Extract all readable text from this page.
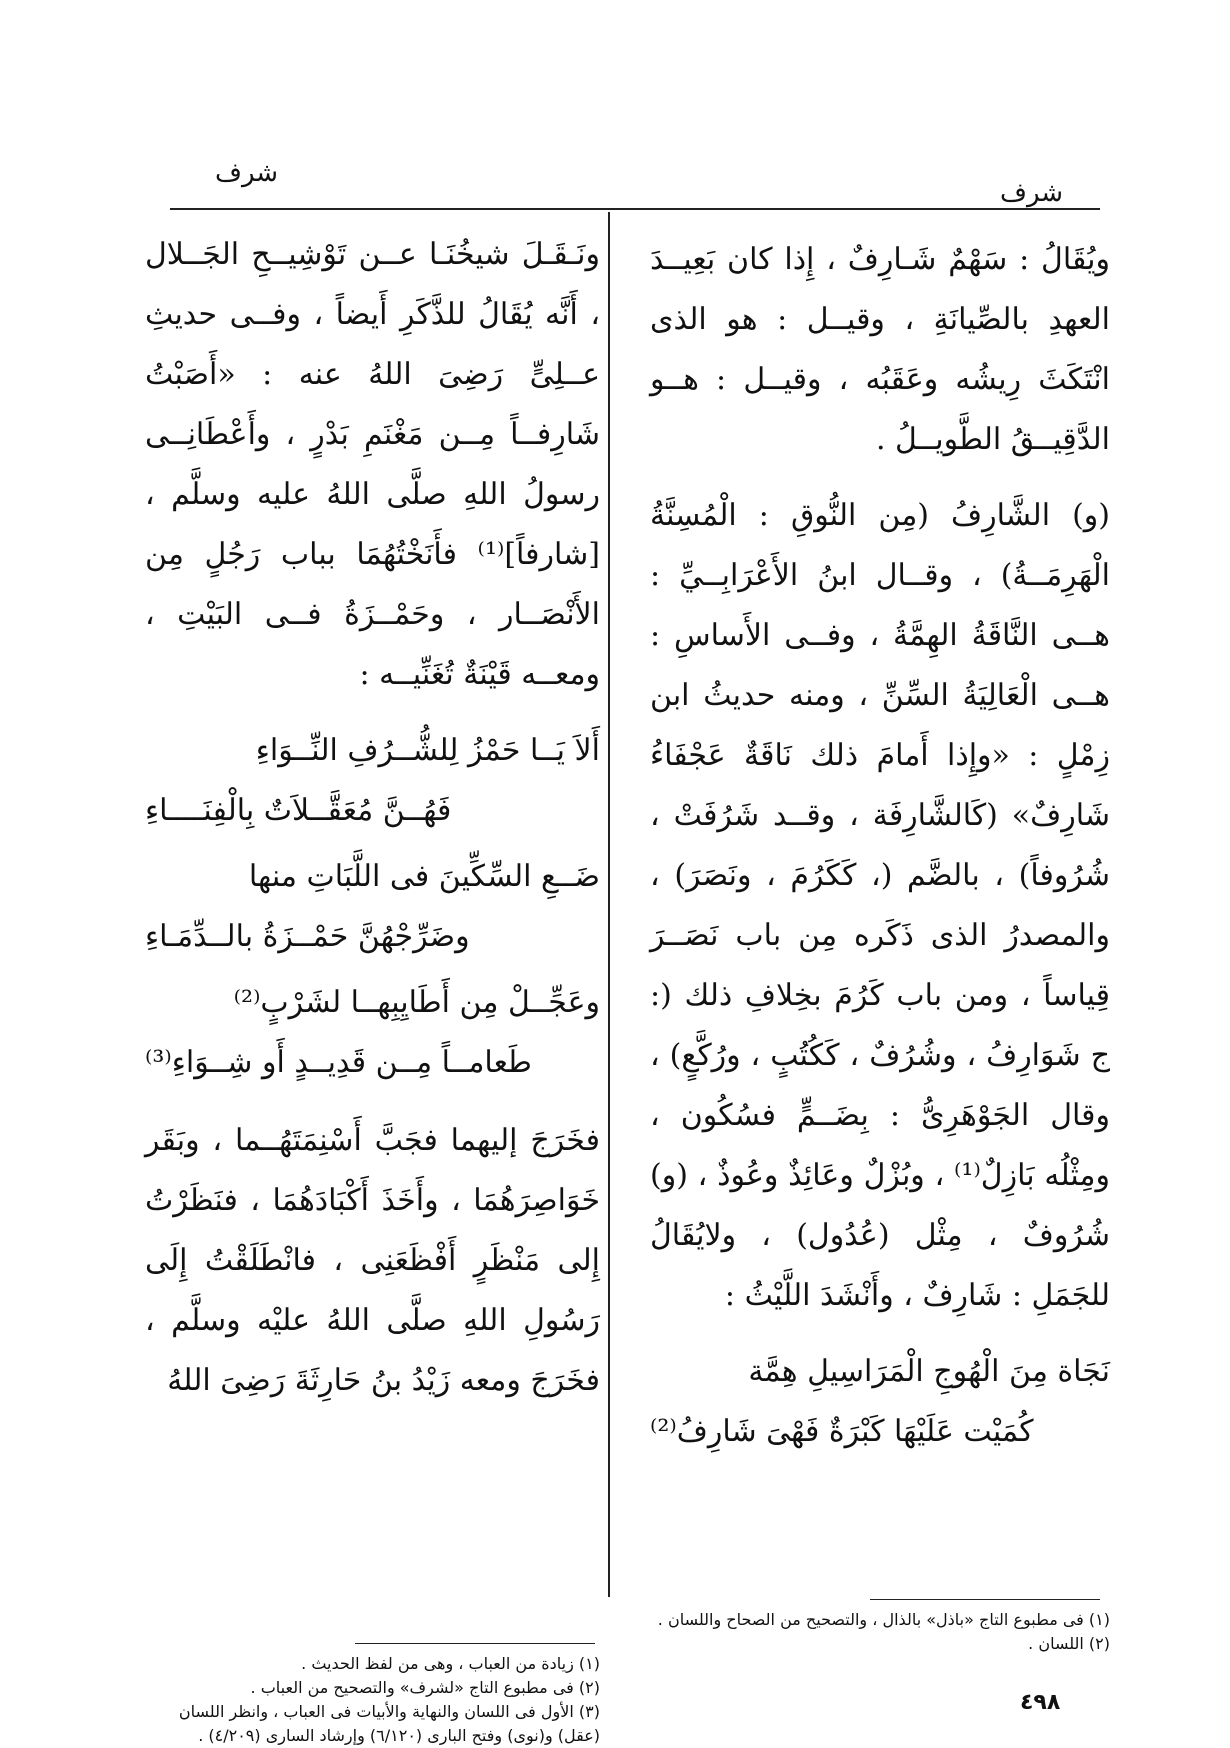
شرف
شرف

ويُقَالُ : سَهْمٌ شَـارِفٌ ، إِذا كان بَعِيــدَ العهدِ بالصِّيانَةِ ، وقيــل : هو الذى انْتَكَثَ رِيشُه وعَقَبُه ، وقيــل : هــو الدَّقِيــقُ الطَّويــلُ .

(و) الشَّارِفُ (مِن النُّوقِ : الْمُسِنَّةُ الْهَرِمَــةُ) ، وقــال ابنُ الأَعْرَابِــيِّ : هــى النَّاقَةُ الهِمَّةُ ، وفــى الأَساسِ : هــى الْعَالِيَةُ السِّنِّ ، ومنه حديثُ ابن زِمْلٍ : «وإِذا أَمامَ ذلك نَاقَةٌ عَجْفَاءُ شَارِفٌ» (كَالشَّارِفَة ، وقــد شَرُفَتْ ، شُرُوفاً) ، بالضَّم (، كَكَرُمَ ، ونَصَرَ) ، والمصدرُ الذى ذَكَره مِن باب نَصَــرَ قِياساً ، ومن باب كَرُمَ بخِلافِ ذلك (: ج شَوَارِفُ ، وشُرُفٌ ، كَكُتُبٍ ، ورُكَّعٍ) ، وقال الجَوْهَرِىُّ : بِضَــمٍّ فسُكُون ، ومِثْلُه بَازِلٌ⁽¹⁾ ، وبُزْلٌ وعَائِذٌ وعُوذٌ ، (و) شُرُوفٌ ، مِثْل (عُدُول) ، ولايُقَالُ للجَمَلِ : شَارِفٌ ، وأَنْشَدَ اللَّيْثُ :

نَجَاة مِنَ الْهُوجِ الْمَرَاسِيلِ هِمَّة
كُمَيْت عَلَيْهَا كَبْرَةٌ فَهْىَ شَارِفُ⁽²⁾

ونَـقَـلَ شيخُنَـا عــن تَوْشِيــحِ الجَــلال ، أَنَّه يُقَالُ للذَّكَرِ أَيضاً ، وفــى حديثِ عــلِىٍّ رَضِىَ اللهُ عنه : «أَصَبْتُ شَارِفــاً مِــن مَغْنَمِ بَدْرٍ ، وأَعْطَانِــى رسولُ اللهِ صلَّى اللهُ عليه وسلَّم ، [شارفاً]⁽¹⁾ فأَنَخْتُهُمَا بباب رَجُلٍ مِن الأَنْصَــار ، وحَمْــزَةُ فــى البَيْتِ ، ومعــه قَيْنَةٌ تُغَنِّيــه :

أَلاَ يَــا حَمْزُ لِلشُّــرُفِ النِّــوَاءِ
فَهُــنَّ مُعَقَّــلاَتٌ بِالْفِنَــــاءِ
ضَــعِ السِّكِّينَ فى اللَّبَاتِ منها
وضَرِّجْهُنَّ حَمْــزَةُ بالــدِّمَـاءِ
وعَجِّــلْ مِن أَطَايِبِهــا لشَرْبٍ⁽²⁾
طَعامــاً مِــن قَدِيــدٍ أَو شِــوَاءِ⁽³⁾

فخَرَجَ إليهما فجَبَّ أَسْنِمَتَهُــما ، وبَقَر خَوَاصِرَهُمَا ، وأَخَذَ أَكْبَادَهُمَا ، فنَظَرْتُ إِلى مَنْظَرٍ أَفْظَعَنِى ، فانْطَلَقْتُ إِلَى رَسُولِ اللهِ صلَّى اللهُ عليْه وسلَّم ، فخَرَجَ ومعه زَيْدُ بنُ حَارِثَةَ رَضِىَ اللهُ

(١) فى مطبوع التاج «باذل» بالذال ، والتصحيح من الصحاح واللسان .
(٢) اللسان .
(١) زيادة من العباب ، وهى من لفظ الحديث .
(٢) فى مطبوع التاج «لشرف» والتصحيح من العباب .
(٣) الأول فى اللسان والنهاية والأبيات فى العباب ، وانظر اللسان (عقل) و(نوى) وفتح البارى (٦/١٢٠) وإرشاد السارى (٤/٢٠٩) .
٤٩٨
